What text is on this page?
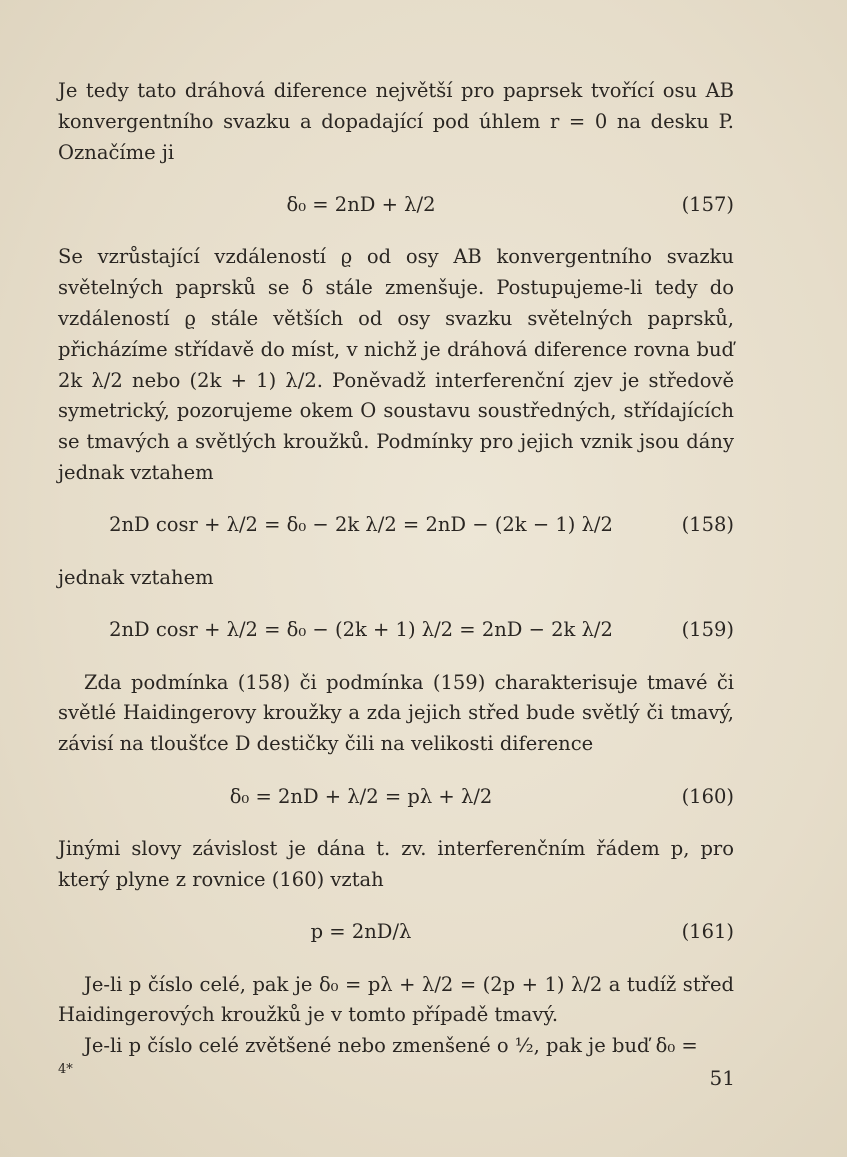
Je tedy tato dráhová diference největší pro paprsek tvořící osu AB konvergentního svazku a dopadající pod úhlem r = 0 na desku P. Označíme ji

δ₀ = 2nD + λ/2	(157)

Se vzrůstající vzdáleností ϱ od osy AB konvergentního svazku světelných paprsků se δ stále zmenšuje. Postupujeme-li tedy do vzdáleností ϱ stále větších od osy svazku světelných paprsků, přicházíme střídavě do míst, v nichž je dráhová diference rovna buď 2k λ/2 nebo (2k + 1) λ/2. Poněvadž interferenční zjev je středově symetrický, pozorujeme okem O soustavu soustředných, střídajících se tmavých a světlých kroužků. Podmínky pro jejich vznik jsou dány jednak vztahem

2nD cosr + λ/2 = δ₀ − 2k λ/2 = 2nD − (2k − 1) λ/2	(158)

jednak vztahem

2nD cosr + λ/2 = δ₀ − (2k + 1) λ/2 = 2nD − 2k λ/2	(159)

Zda podmínka (158) či podmínka (159) charakterisuje tmavé či světlé Haidingerovy kroužky a zda jejich střed bude světlý či tmavý, závisí na tloušťce D destičky čili na velikosti diference

δ₀ = 2nD + λ/2 = pλ + λ/2	(160)

Jinými slovy závislost je dána t. zv. interferenčním řádem p, pro který plyne z rovnice (160) vztah

p = 2nD/λ	(161)

Je-li p číslo celé, pak je δ₀ = pλ + λ/2 = (2p + 1) λ/2 a tudíž střed Haidingerových kroužků je v tomto případě tmavý.

Je-li p číslo celé zvětšené nebo zmenšené o ½, pak je buď δ₀ =

4*	51
